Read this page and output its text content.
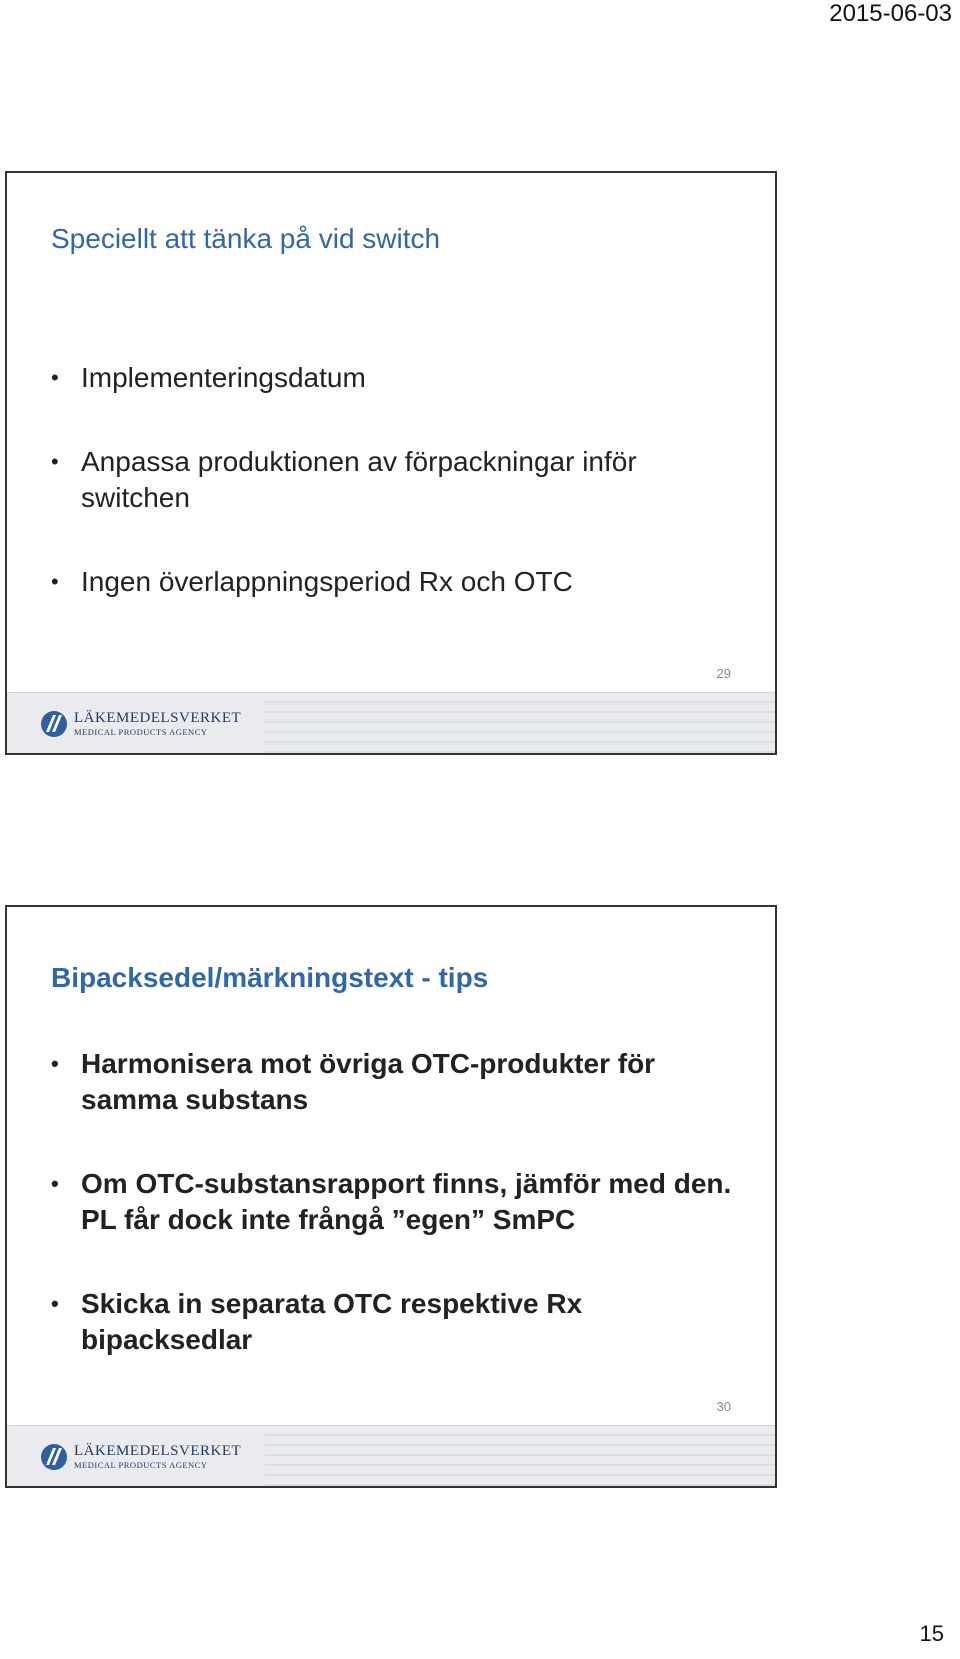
2015-06-03
Speciellt att tänka på vid switch
• Implementeringsdatum
• Anpassa produktionen av förpackningar inför switchen
• Ingen överlappningsperiod Rx och OTC
29
LÄKEMEDELSVERKET
MEDICAL PRODUCTS AGENCY
Bipacksedel/märkningstext - tips
• Harmonisera mot övriga OTC-produkter för samma substans
• Om OTC-substansrapport finns, jämför med den. PL får dock inte frångå ”egen” SmPC
• Skicka in separata OTC respektive Rx bipacksedlar
30
LÄKEMEDELSVERKET
MEDICAL PRODUCTS AGENCY
15
